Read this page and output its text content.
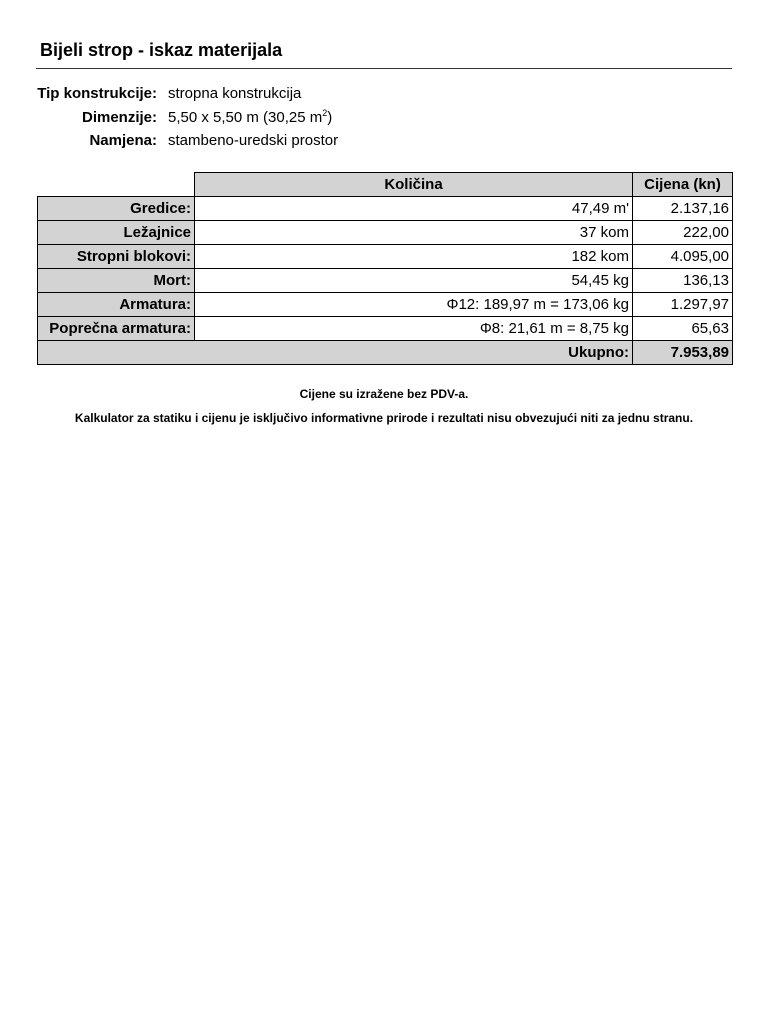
Bijeli strop - iskaz materijala
Tip konstrukcije: stropna konstrukcija
Dimenzije: 5,50 x 5,50 m (30,25 $m^2$)
Namjena: stambeno-uredski prostor
	Količina	Cijena (kn)
Gredice:	47,49 m'	2.137,16
Ležajnice	37 kom	222,00
Stropni blokovi:	182 kom	4.095,00
Mort:	54,45 kg	136,13
Armatura:	Φ12: 189,97 m = 173,06 kg	1.297,97
Poprečna armatura:	Φ8: 21,61 m = 8,75 kg	65,63
Ukupno:		7.953,89
Cijene su izražene bez PDV-a.
Kalkulator za statiku i cijenu je isključivo informativne prirode i rezultati nisu obvezujući niti za jednu stranu.
